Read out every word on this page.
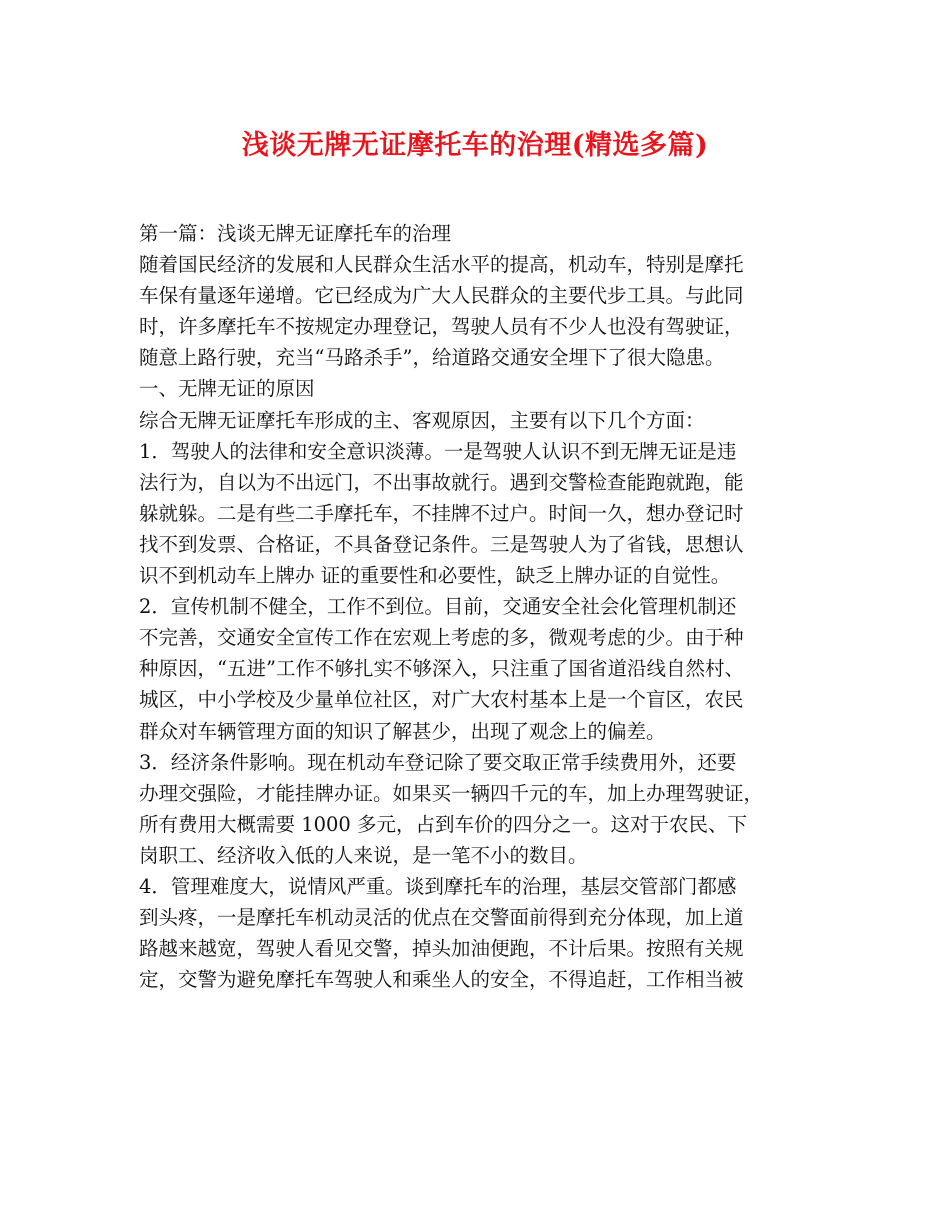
浅谈无牌无证摩托车的治理(精选多篇)

第一篇：浅谈无牌无证摩托车的治理

随着国民经济的发展和人民群众生活水平的提高，机动车，特别是摩托

车保有量逐年递增。它已经成为广大人民群众的主要代步工具。与此同

时，许多摩托车不按规定办理登记，驾驶人员有不少人也没有驾驶证，

随意上路行驶，充当“马路杀手”，给道路交通安全埋下了很大隐患。

一、无牌无证的原因

综合无牌无证摩托车形成的主、客观原因，主要有以下几个方面：

1．驾驶人的法律和安全意识淡薄。一是驾驶人认识不到无牌无证是违

法行为，自以为不出远门，不出事故就行。遇到交警检查能跑就跑，能

躲就躲。二是有些二手摩托车，不挂牌不过户。时间一久，想办登记时

找不到发票、合格证，不具备登记条件。三是驾驶人为了省钱，思想认

识不到机动车上牌办 证的重要性和必要性，缺乏上牌办证的自觉性。

2．宣传机制不健全，工作不到位。目前，交通安全社会化管理机制还

不完善，交通安全宣传工作在宏观上考虑的多，微观考虑的少。由于种

种原因，“五进”工作不够扎实不够深入，只注重了国省道沿线自然村、

城区，中小学校及少量单位社区，对广大农村基本上是一个盲区，农民

群众对车辆管理方面的知识了解甚少，出现了观念上的偏差。

3．经济条件影响。现在机动车登记除了要交取正常手续费用外，还要

办理交强险，才能挂牌办证。如果买一辆四千元的车，加上办理驾驶证，

所有费用大概需要 1000 多元，占到车价的四分之一。这对于农民、下

岗职工、经济收入低的人来说，是一笔不小的数目。

4．管理难度大，说情风严重。谈到摩托车的治理，基层交管部门都感

到头疼，一是摩托车机动灵活的优点在交警面前得到充分体现，加上道

路越来越宽，驾驶人看见交警，掉头加油便跑，不计后果。按照有关规

定，交警为避免摩托车驾驶人和乘坐人的安全，不得追赶，工作相当被
